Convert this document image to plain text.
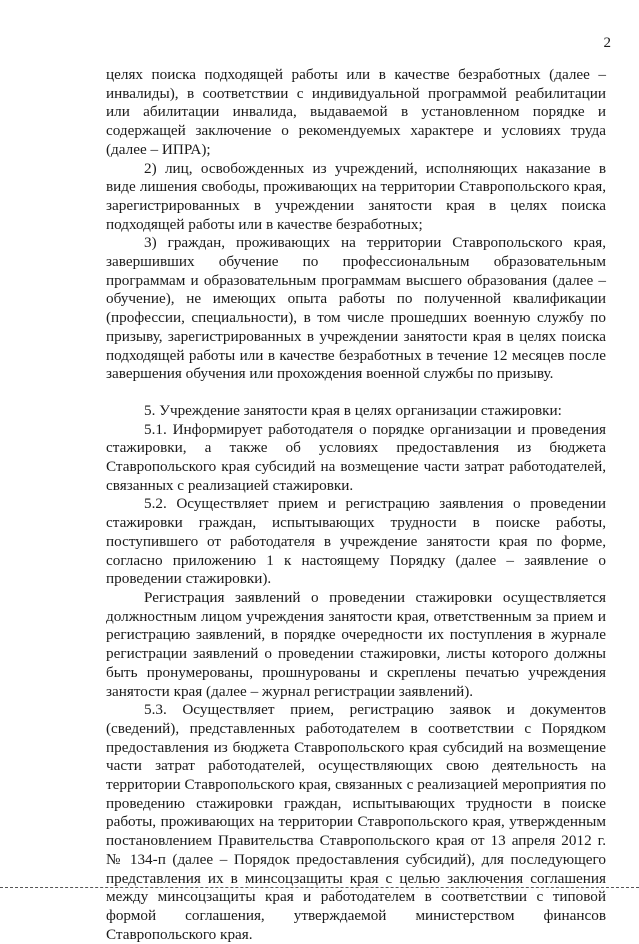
2

целях поиска подходящей работы или в качестве безработных (далее – инвалиды), в соответствии с индивидуальной программой реабилитации или абилитации инвалида, выдаваемой в установленном порядке и содержащей заключение о рекомендуемых характере и условиях труда (далее – ИПРА);

2) лиц, освобожденных из учреждений, исполняющих наказание в виде лишения свободы, проживающих на территории Ставропольского края, зарегистрированных в учреждении занятости края в целях поиска подходящей работы или в качестве безработных;

3) граждан, проживающих на территории Ставропольского края, завершивших обучение по профессиональным образовательным программам и образовательным программам высшего образования (далее – обучение), не имеющих опыта работы по полученной квалификации (профессии, специальности), в том числе прошедших военную службу по призыву, зарегистрированных в учреждении занятости края в целях поиска подходящей работы или в качестве безработных в течение 12 месяцев после завершения обучения или прохождения военной службы по призыву.

5. Учреждение занятости края в целях организации стажировки:

5.1. Информирует работодателя о порядке организации и проведения стажировки, а также об условиях предоставления из бюджета Ставропольского края субсидий на возмещение части затрат работодателей, связанных с реализацией стажировки.

5.2. Осуществляет прием и регистрацию заявления о проведении стажировки граждан, испытывающих трудности в поиске работы, поступившего от работодателя в учреждение занятости края по форме, согласно приложению 1 к настоящему Порядку (далее – заявление о проведении стажировки).

Регистрация заявлений о проведении стажировки осуществляется должностным лицом учреждения занятости края, ответственным за прием и регистрацию заявлений, в порядке очередности их поступления в журнале регистрации заявлений о проведении стажировки, листы которого должны быть пронумерованы, прошнурованы и скреплены печатью учреждения занятости края (далее – журнал регистрации заявлений).

5.3. Осуществляет прием, регистрацию заявок и документов (сведений), представленных работодателем в соответствии с Порядком предоставления из бюджета Ставропольского края субсидий на возмещение части затрат работодателей, осуществляющих свою деятельность на территории Ставропольского края, связанных с реализацией мероприятия по проведению стажировки граждан, испытывающих трудности в поиске работы, проживающих на территории Ставропольского края, утвержденным постановлением Правительства Ставропольского края от 13 апреля 2012 г. № 134-п (далее – Порядок предоставления субсидий), для последующего представления их в минсоцзащиты края с целью заключения соглашения между минсоцзащиты края и работодателем в соответствии с типовой формой соглашения, утверждаемой министерством финансов Ставропольского края.
